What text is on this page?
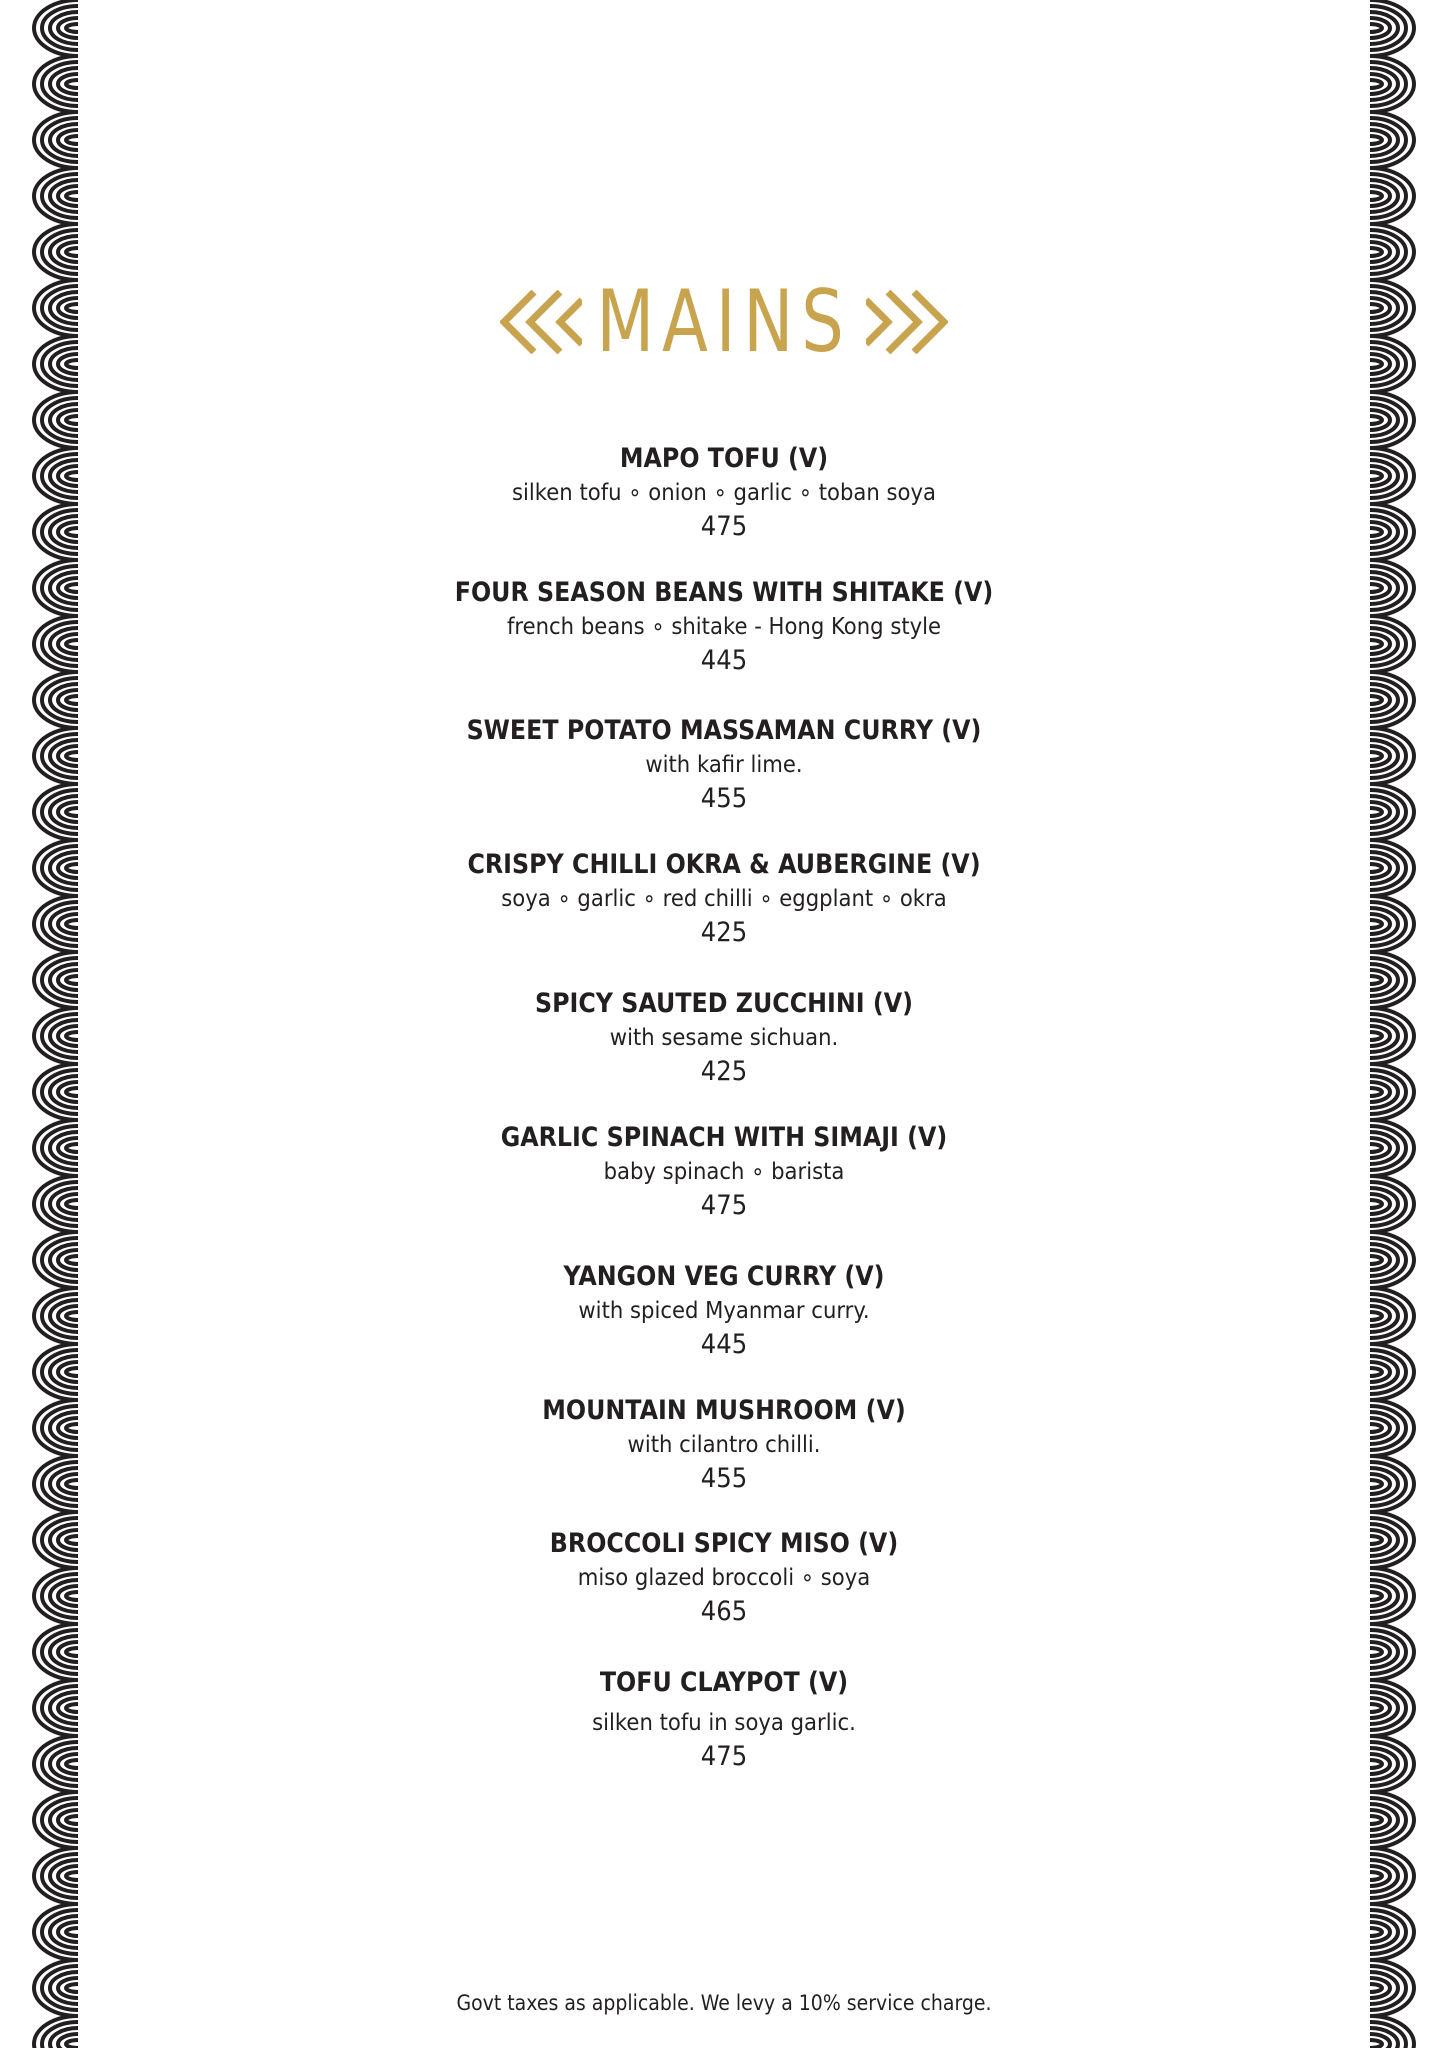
MAINS
MAPO TOFU (V)
silken tofu ∘ onion ∘ garlic ∘ toban soya
475
FOUR SEASON BEANS WITH SHITAKE (V)
french beans ∘ shitake - Hong Kong style
445
SWEET POTATO MASSAMAN CURRY (V)
with kafir lime.
455
CRISPY CHILLI OKRA & AUBERGINE (V)
soya ∘ garlic ∘ red chilli ∘ eggplant ∘ okra
425
SPICY SAUTED ZUCCHINI (V)
with sesame sichuan.
425
GARLIC SPINACH WITH SIMAJI (V)
baby spinach ∘ barista
475
YANGON VEG CURRY (V)
with spiced Myanmar curry.
445
MOUNTAIN MUSHROOM (V)
with cilantro chilli.
455
BROCCOLI SPICY MISO (V)
miso glazed broccoli ∘ soya
465
TOFU CLAYPOT (V)
silken tofu in soya garlic.
475
Govt taxes as applicable. We levy a 10% service charge.
